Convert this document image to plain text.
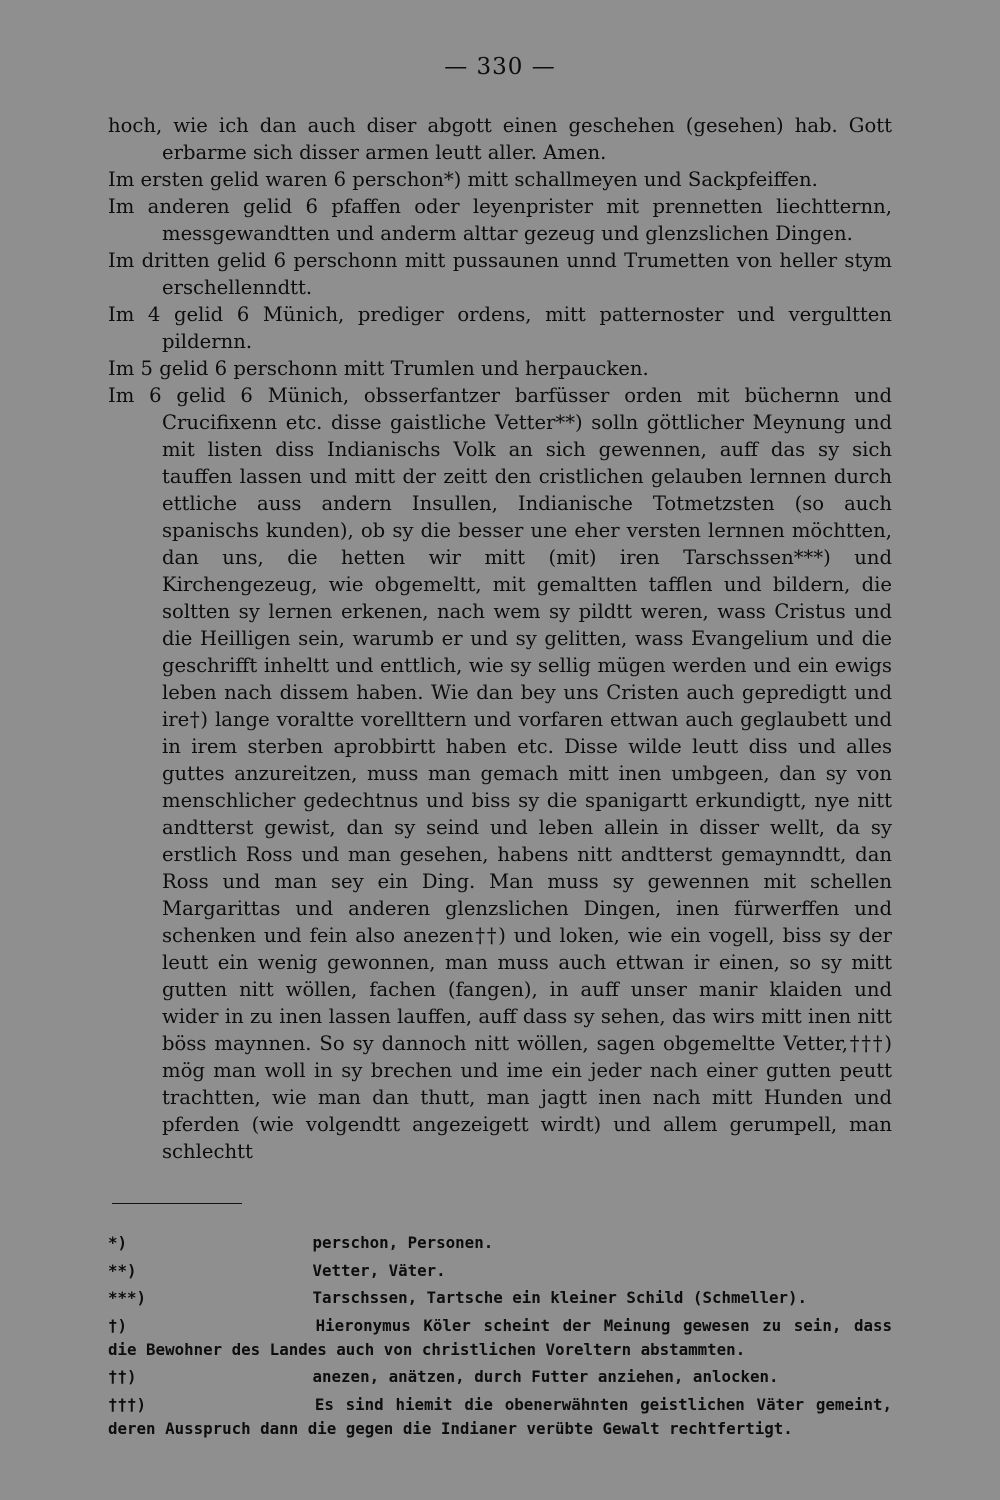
— 330 —

hoch, wie ich dan auch diser abgott einen geschehen (gesehen) hab. Gott erbarme sich disser armen leutt aller. Amen.

Im ersten gelid waren 6 perschon*) mitt schallmeyen und Sackpfeiffen.

Im anderen gelid 6 pfaffen oder leyenprister mit prennetten liechtternn, messgewandtten und anderm alttar gezeug und glenzslichen Dingen.

Im dritten gelid 6 perschonn mitt pussaunen unnd Trumetten von heller stym erschellenndtt.

Im 4 gelid 6 Münich, prediger ordens, mitt patternoster und vergultten pildernn.

Im 5 gelid 6 perschonn mitt Trumlen und herpaucken.

Im 6 gelid 6 Münich, obsserfantzer barfüsser orden mit büchernn und Crucifixenn etc. disse gaistliche Vetter**) solln göttlicher Meynung und mit listen diss Indianischs Volk an sich gewennen, auff das sy sich tauffen lassen und mitt der zeitt den cristlichen gelauben lernnen durch ettliche auss andern Insullen, Indianische Totmetzsten (so auch spanischs kunden), ob sy die besser une eher versten lernnen möchtten, dan uns, die hetten wir mitt (mit) iren Tarschssen***) und Kirchengezeug, wie obgemeltt, mit gemaltten tafflen und bildern, die soltten sy lernen erkenen, nach wem sy pildtt weren, wass Cristus und die Heilligen sein, warumb er und sy gelitten, wass Evangelium und die geschrifft inheltt und enttlich, wie sy sellig mügen werden und ein ewigs leben nach dissem haben. Wie dan bey uns Cristen auch gepredigtt und ire†) lange voraltte vorellttern und vorfaren ettwan auch geglaubett und in irem sterben aprobbirtt haben etc. Disse wilde leutt diss und alles guttes anzureitzen, muss man gemach mitt inen umbgeen, dan sy von menschlicher gedechtnus und biss sy die spanigartt erkundigtt, nye nitt andtterst gewist, dan sy seind und leben allein in disser wellt, da sy erstlich Ross und man gesehen, habens nitt andtterst gemaynndtt, dan Ross und man sey ein Ding. Man muss sy gewennen mit schellen Margarittas und anderen glenzslichen Dingen, inen fürwerffen und schenken und fein also anezen††) und loken, wie ein vogell, biss sy der leutt ein wenig gewonnen, man muss auch ettwan ir einen, so sy mitt gutten nitt wöllen, fachen (fangen), in auff unser manir klaiden und wider in zu inen lassen lauffen, auff dass sy sehen, das wirs mitt inen nitt böss maynnen. So sy dannoch nitt wöllen, sagen obgemeltte Vetter,†††) mög man woll in sy brechen und ime ein jeder nach einer gutten peutt trachtten, wie man dan thutt, man jagtt inen nach mitt Hunden und pferden (wie volgendtt angezeigett wirdt) und allem gerumpell, man schlechtt

*)	perschon, Personen.

**)	Vetter, Väter.

***)	Tarschssen, Tartsche ein kleiner Schild (Schmeller).

†)	Hieronymus Köler scheint der Meinung gewesen zu sein, dass die Bewohner des Landes auch von christlichen Voreltern abstammten.

††)	anezen, anätzen, durch Futter anziehen, anlocken.

†††)	Es sind hiemit die obenerwähnten geistlichen Väter gemeint, deren Ausspruch dann die gegen die Indianer verübte Gewalt rechtfertigt.
